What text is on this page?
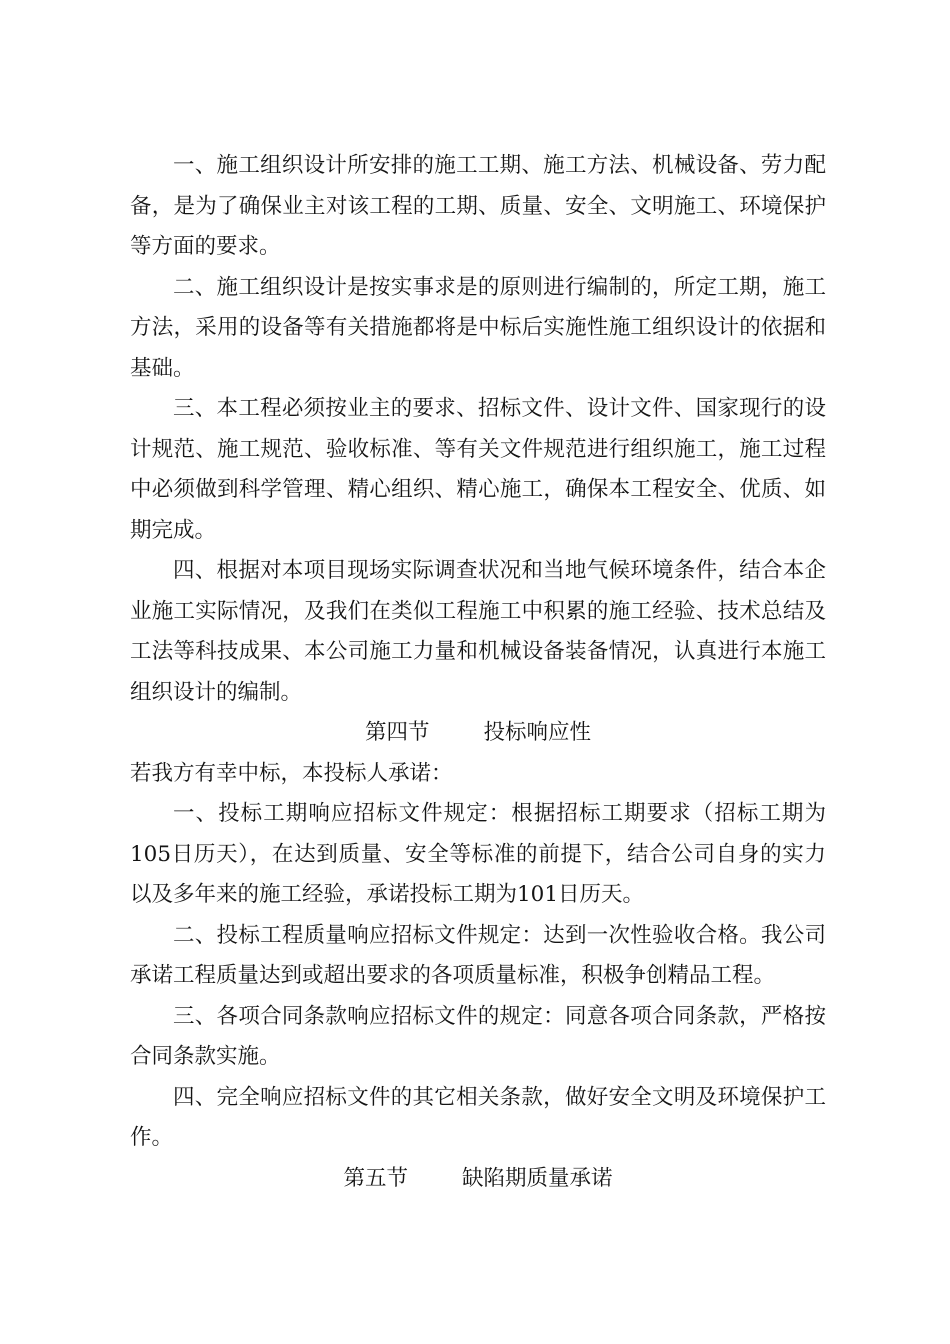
一、施工组织设计所安排的施工工期、施工方法、机械设备、劳力配备，是为了确保业主对该工程的工期、质量、安全、文明施工、环境保护等方面的要求。

二、施工组织设计是按实事求是的原则进行编制的，所定工期，施工方法，采用的设备等有关措施都将是中标后实施性施工组织设计的依据和基础。

三、本工程必须按业主的要求、招标文件、设计文件、国家现行的设计规范、施工规范、验收标准、等有关文件规范进行组织施工，施工过程中必须做到科学管理、精心组织、精心施工，确保本工程安全、优质、如期完成。

四、根据对本项目现场实际调查状况和当地气候环境条件，结合本企业施工实际情况，及我们在类似工程施工中积累的施工经验、技术总结及工法等科技成果、本公司施工力量和机械设备装备情况，认真进行本施工组织设计的编制。

第四节	投标响应性

若我方有幸中标，本投标人承诺：

一、投标工期响应招标文件规定：根据招标工期要求（招标工期为105日历天），在达到质量、安全等标准的前提下，结合公司自身的实力以及多年来的施工经验，承诺投标工期为101日历天。

二、投标工程质量响应招标文件规定：达到一次性验收合格。我公司承诺工程质量达到或超出要求的各项质量标准，积极争创精品工程。

三、各项合同条款响应招标文件的规定：同意各项合同条款，严格按合同条款实施。

四、完全响应招标文件的其它相关条款，做好安全文明及环境保护工作。

第五节	缺陷期质量承诺
